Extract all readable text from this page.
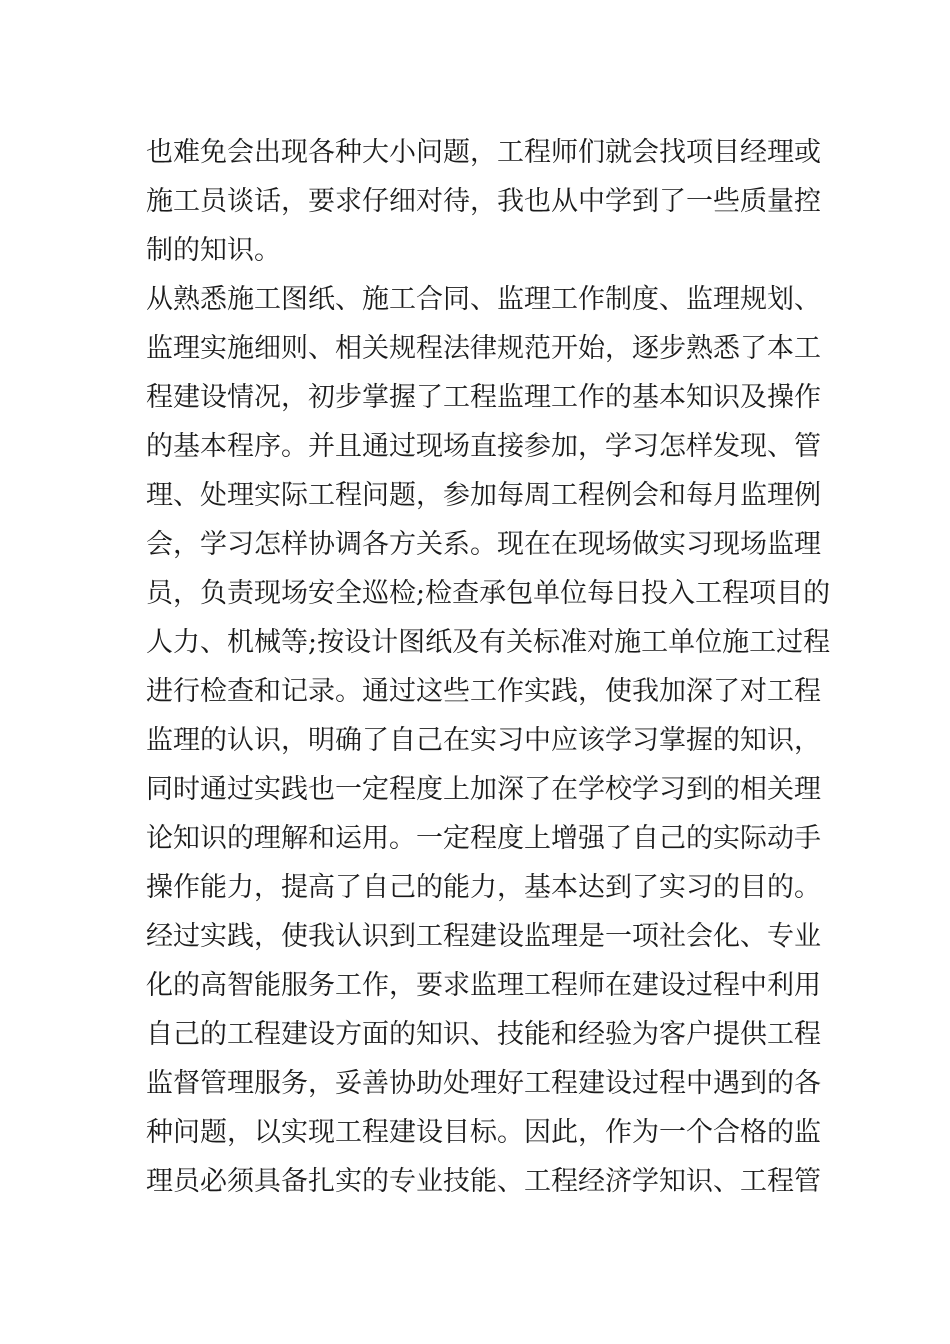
也难免会出现各种大小问题，工程师们就会找项目经理或
施工员谈话，要求仔细对待，我也从中学到了一些质量控
制的知识。
从熟悉施工图纸、施工合同、监理工作制度、监理规划、
监理实施细则、相关规程法律规范开始，逐步熟悉了本工
程建设情况，初步掌握了工程监理工作的基本知识及操作
的基本程序。并且通过现场直接参加，学习怎样发现、管
理、处理实际工程问题，参加每周工程例会和每月监理例
会，学习怎样协调各方关系。现在在现场做实习现场监理
员，负责现场安全巡检;检查承包单位每日投入工程项目的
人力、机械等;按设计图纸及有关标准对施工单位施工过程
进行检查和记录。通过这些工作实践，使我加深了对工程
监理的认识，明确了自己在实习中应该学习掌握的知识，
同时通过实践也一定程度上加深了在学校学习到的相关理
论知识的理解和运用。一定程度上增强了自己的实际动手
操作能力，提高了自己的能力，基本达到了实习的目的。
经过实践，使我认识到工程建设监理是一项社会化、专业
化的高智能服务工作，要求监理工程师在建设过程中利用
自己的工程建设方面的知识、技能和经验为客户提供工程
监督管理服务，妥善协助处理好工程建设过程中遇到的各
种问题，以实现工程建设目标。因此，作为一个合格的监
理员必须具备扎实的专业技能、工程经济学知识、工程管
